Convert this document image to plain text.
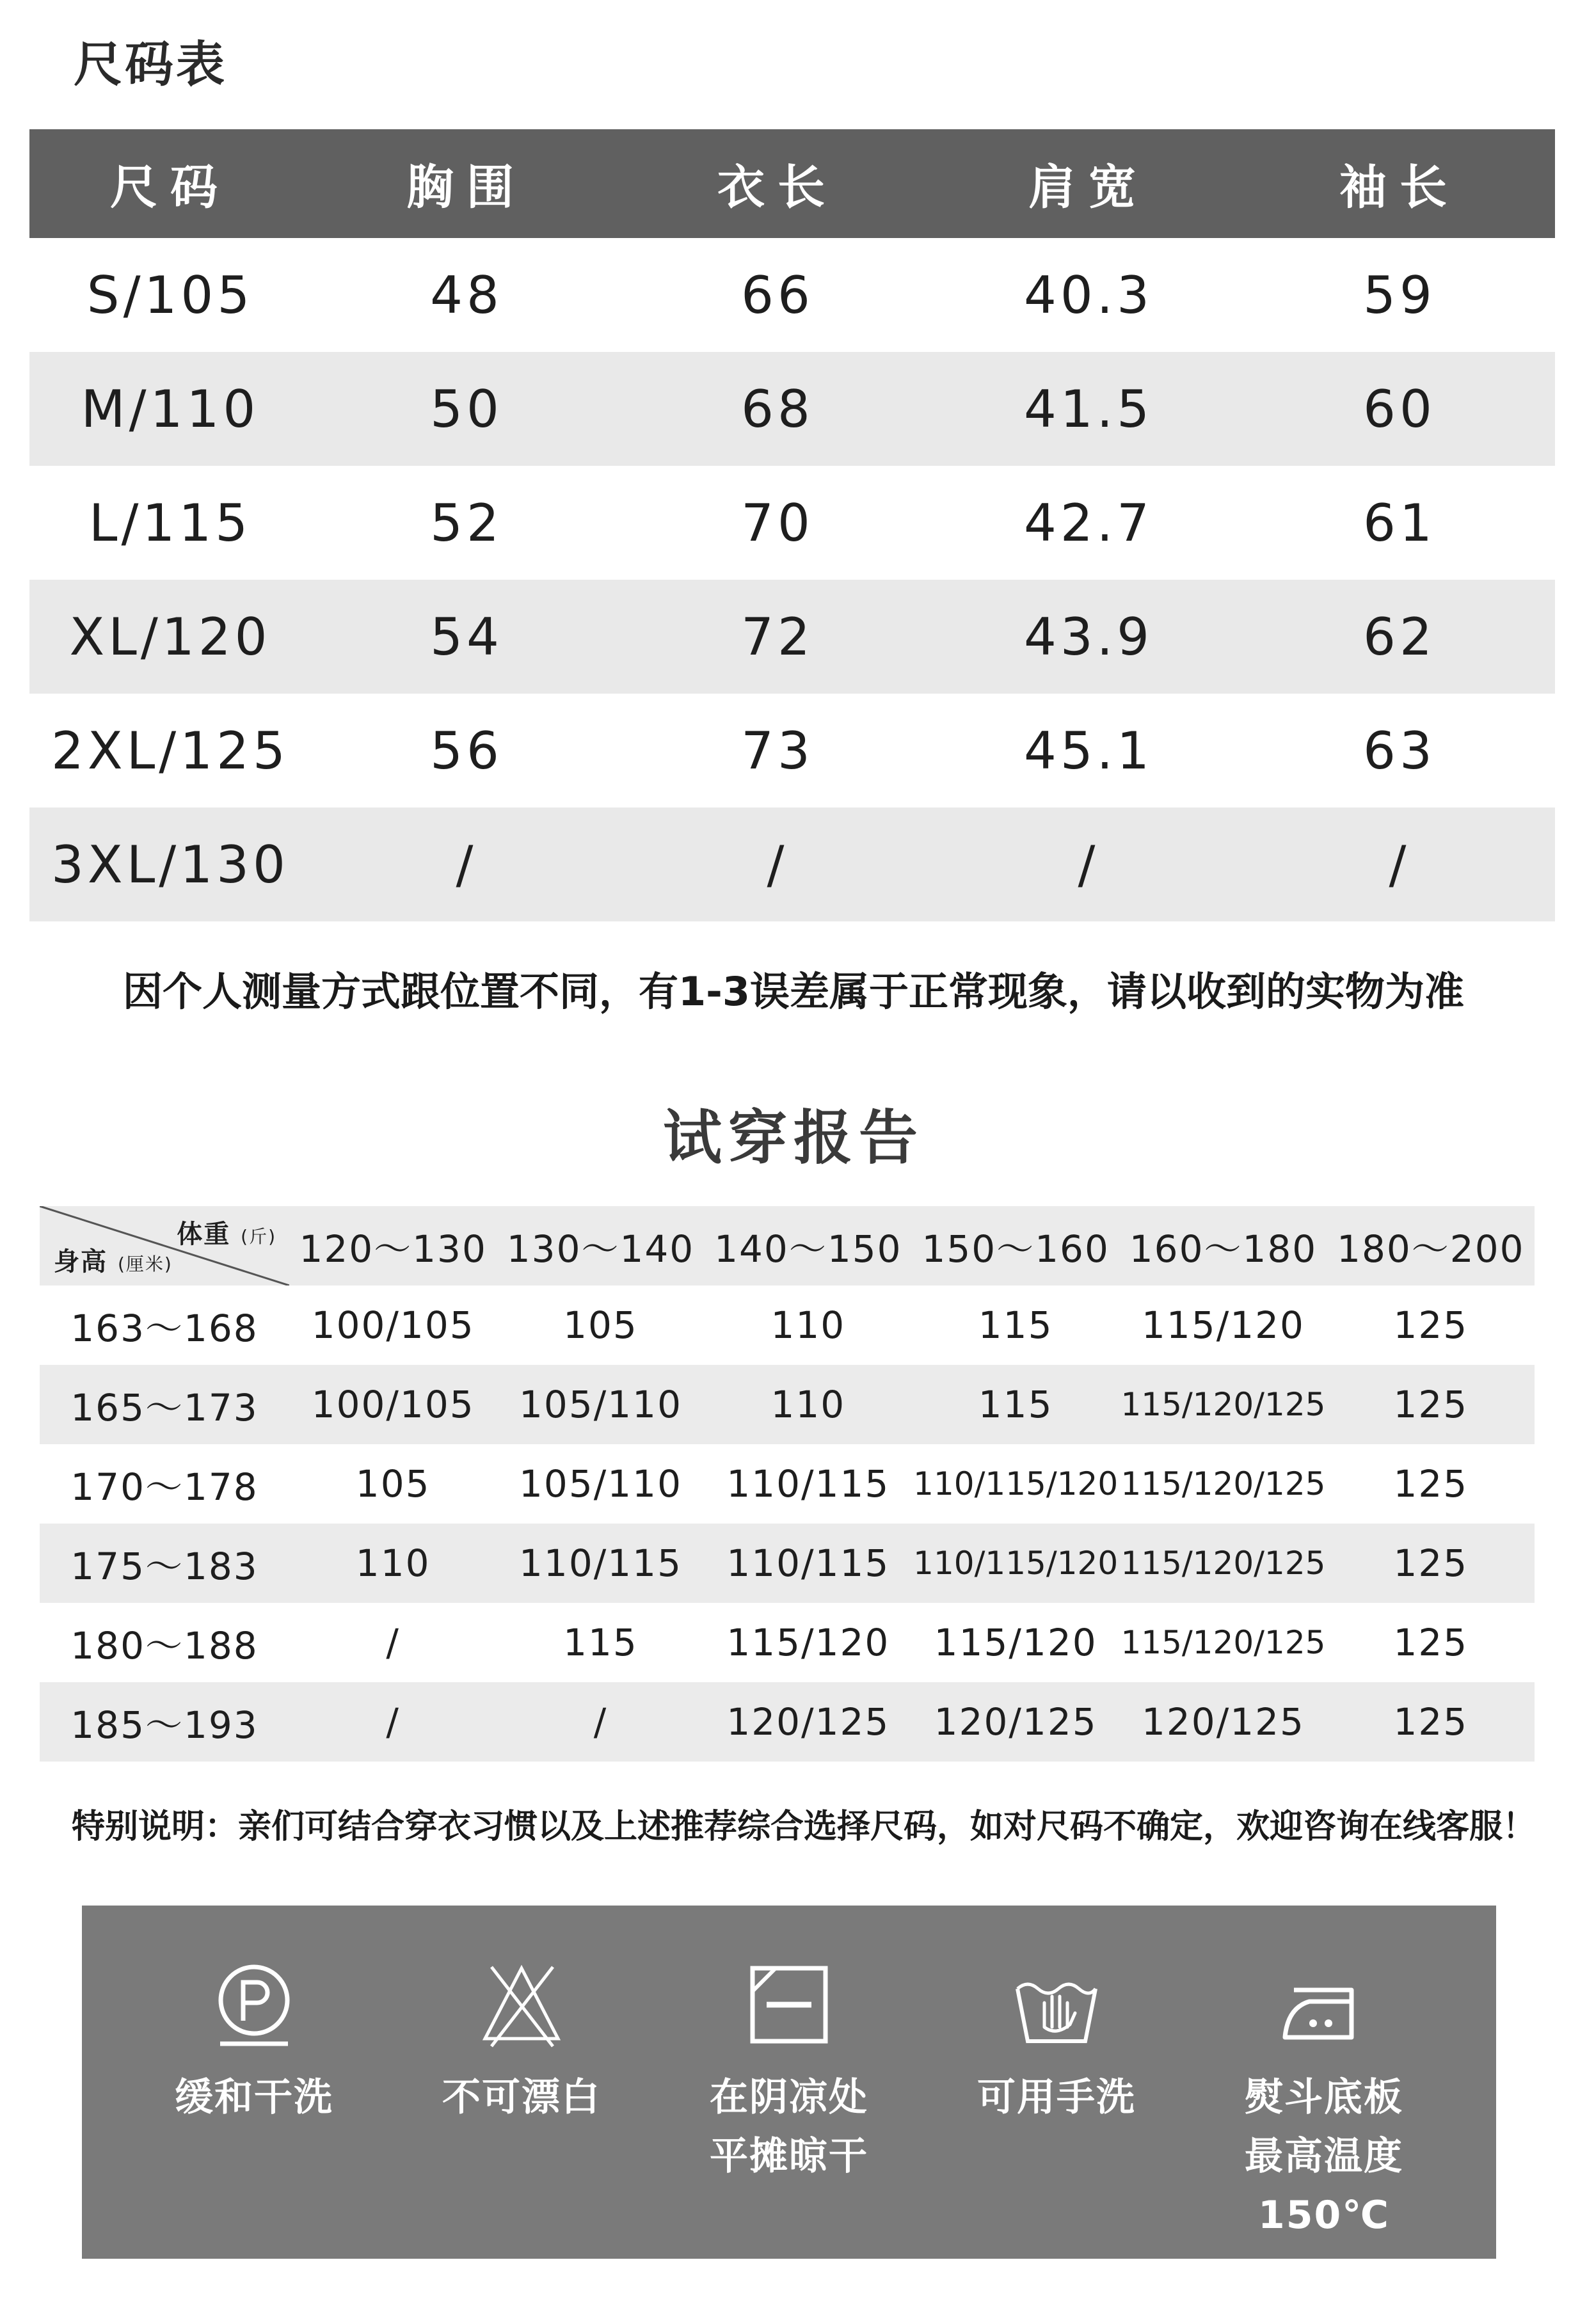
尺码表
尺码	胸围	衣长	肩宽	袖长
S/105	48	66	40.3	59
M/110	50	68	41.5	60
L/115	52	70	42.7	61
XL/120	54	72	43.9	62
2XL/125	56	73	45.1	63
3XL/130	/	/	/	/
因个人测量方式跟位置不同，有1-3误差属于正常现象，请以收到的实物为准
试穿报告
体重 (斤)
身高 (厘米)	120～130 130～140 140～150 150～160 160～180 180～200
163～168	100/105	105	110	115	115/120	125
165～173	100/105	105/110	110	115	115/120/125	125
170～178	105	105/110	110/115 110/115/120 115/120/125	125
175～183	110	110/115	110/115 110/115/120 115/120/125	125
180～188	/	115	115/120	115/120 115/120/125	125
185～193	/	/	120/125	120/125	120/125	125
特别说明：亲们可结合穿衣习惯以及上述推荐综合选择尺码，如对尺码不确定，欢迎咨询在线客服！
缓和干洗	不可漂白	在阴凉处
平摊晾干
可用手洗	熨斗底板
最高温度
150℃
